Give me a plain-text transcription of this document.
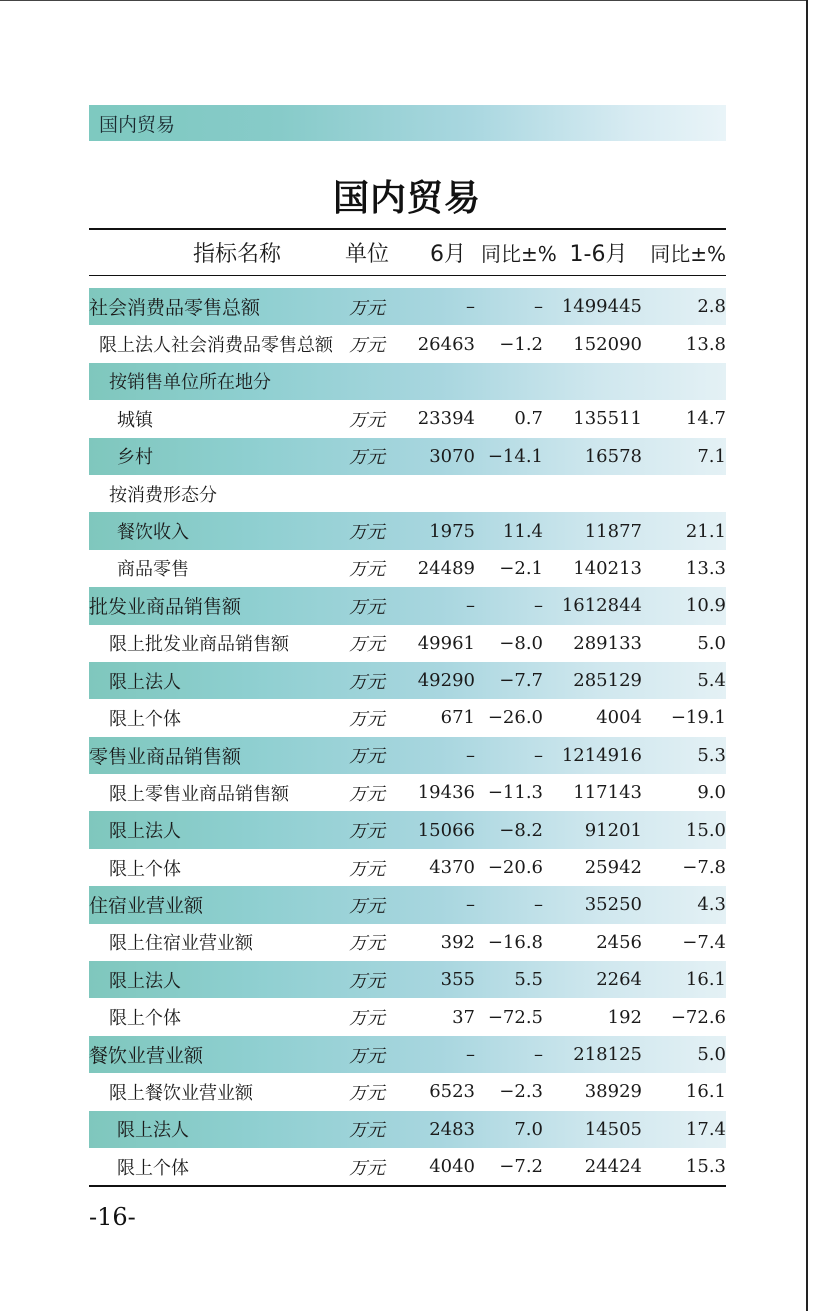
国内贸易
国内贸易
指标名称	单位	6月 同比±% 1-6月	同比±%
社会消费品零售总额	万元	–	–	1499445	2.8
限上法人社会消费品零售总额 万元	26463	−1.2	152090	13.8
按销售单位所在地分
城镇	万元	23394	0.7	135511	14.7
乡村	万元	3070 −14.1	16578	7.1
按消费形态分
餐饮收入	万元	1975	11.4	11877	21.1
商品零售	万元	24489	−2.1	140213	13.3
批发业商品销售额	万元	–	–	1612844	10.9
限上批发业商品销售额	万元	49961	−8.0	289133	5.0
限上法人	万元	49290	−7.7	285129	5.4
限上个体	万元	671 −26.0	4004	−19.1
零售业商品销售额	万元	–	–	1214916	5.3
限上零售业商品销售额	万元	19436 −11.3	117143	9.0
限上法人	万元	15066	−8.2	91201	15.0
限上个体	万元	4370 −20.6	25942	−7.8
住宿业营业额	万元	–	–	35250	4.3
限上住宿业营业额	万元	392 −16.8	2456	−7.4
限上法人	万元	355	5.5	2264	16.1
限上个体	万元	37 −72.5	192	−72.6
餐饮业营业额	万元	–	–	218125	5.0
限上餐饮业营业额	万元	6523	−2.3	38929	16.1
限上法人	万元	2483	7.0	14505	17.4
限上个体	万元	4040	−7.2	24424	15.3
-16-
